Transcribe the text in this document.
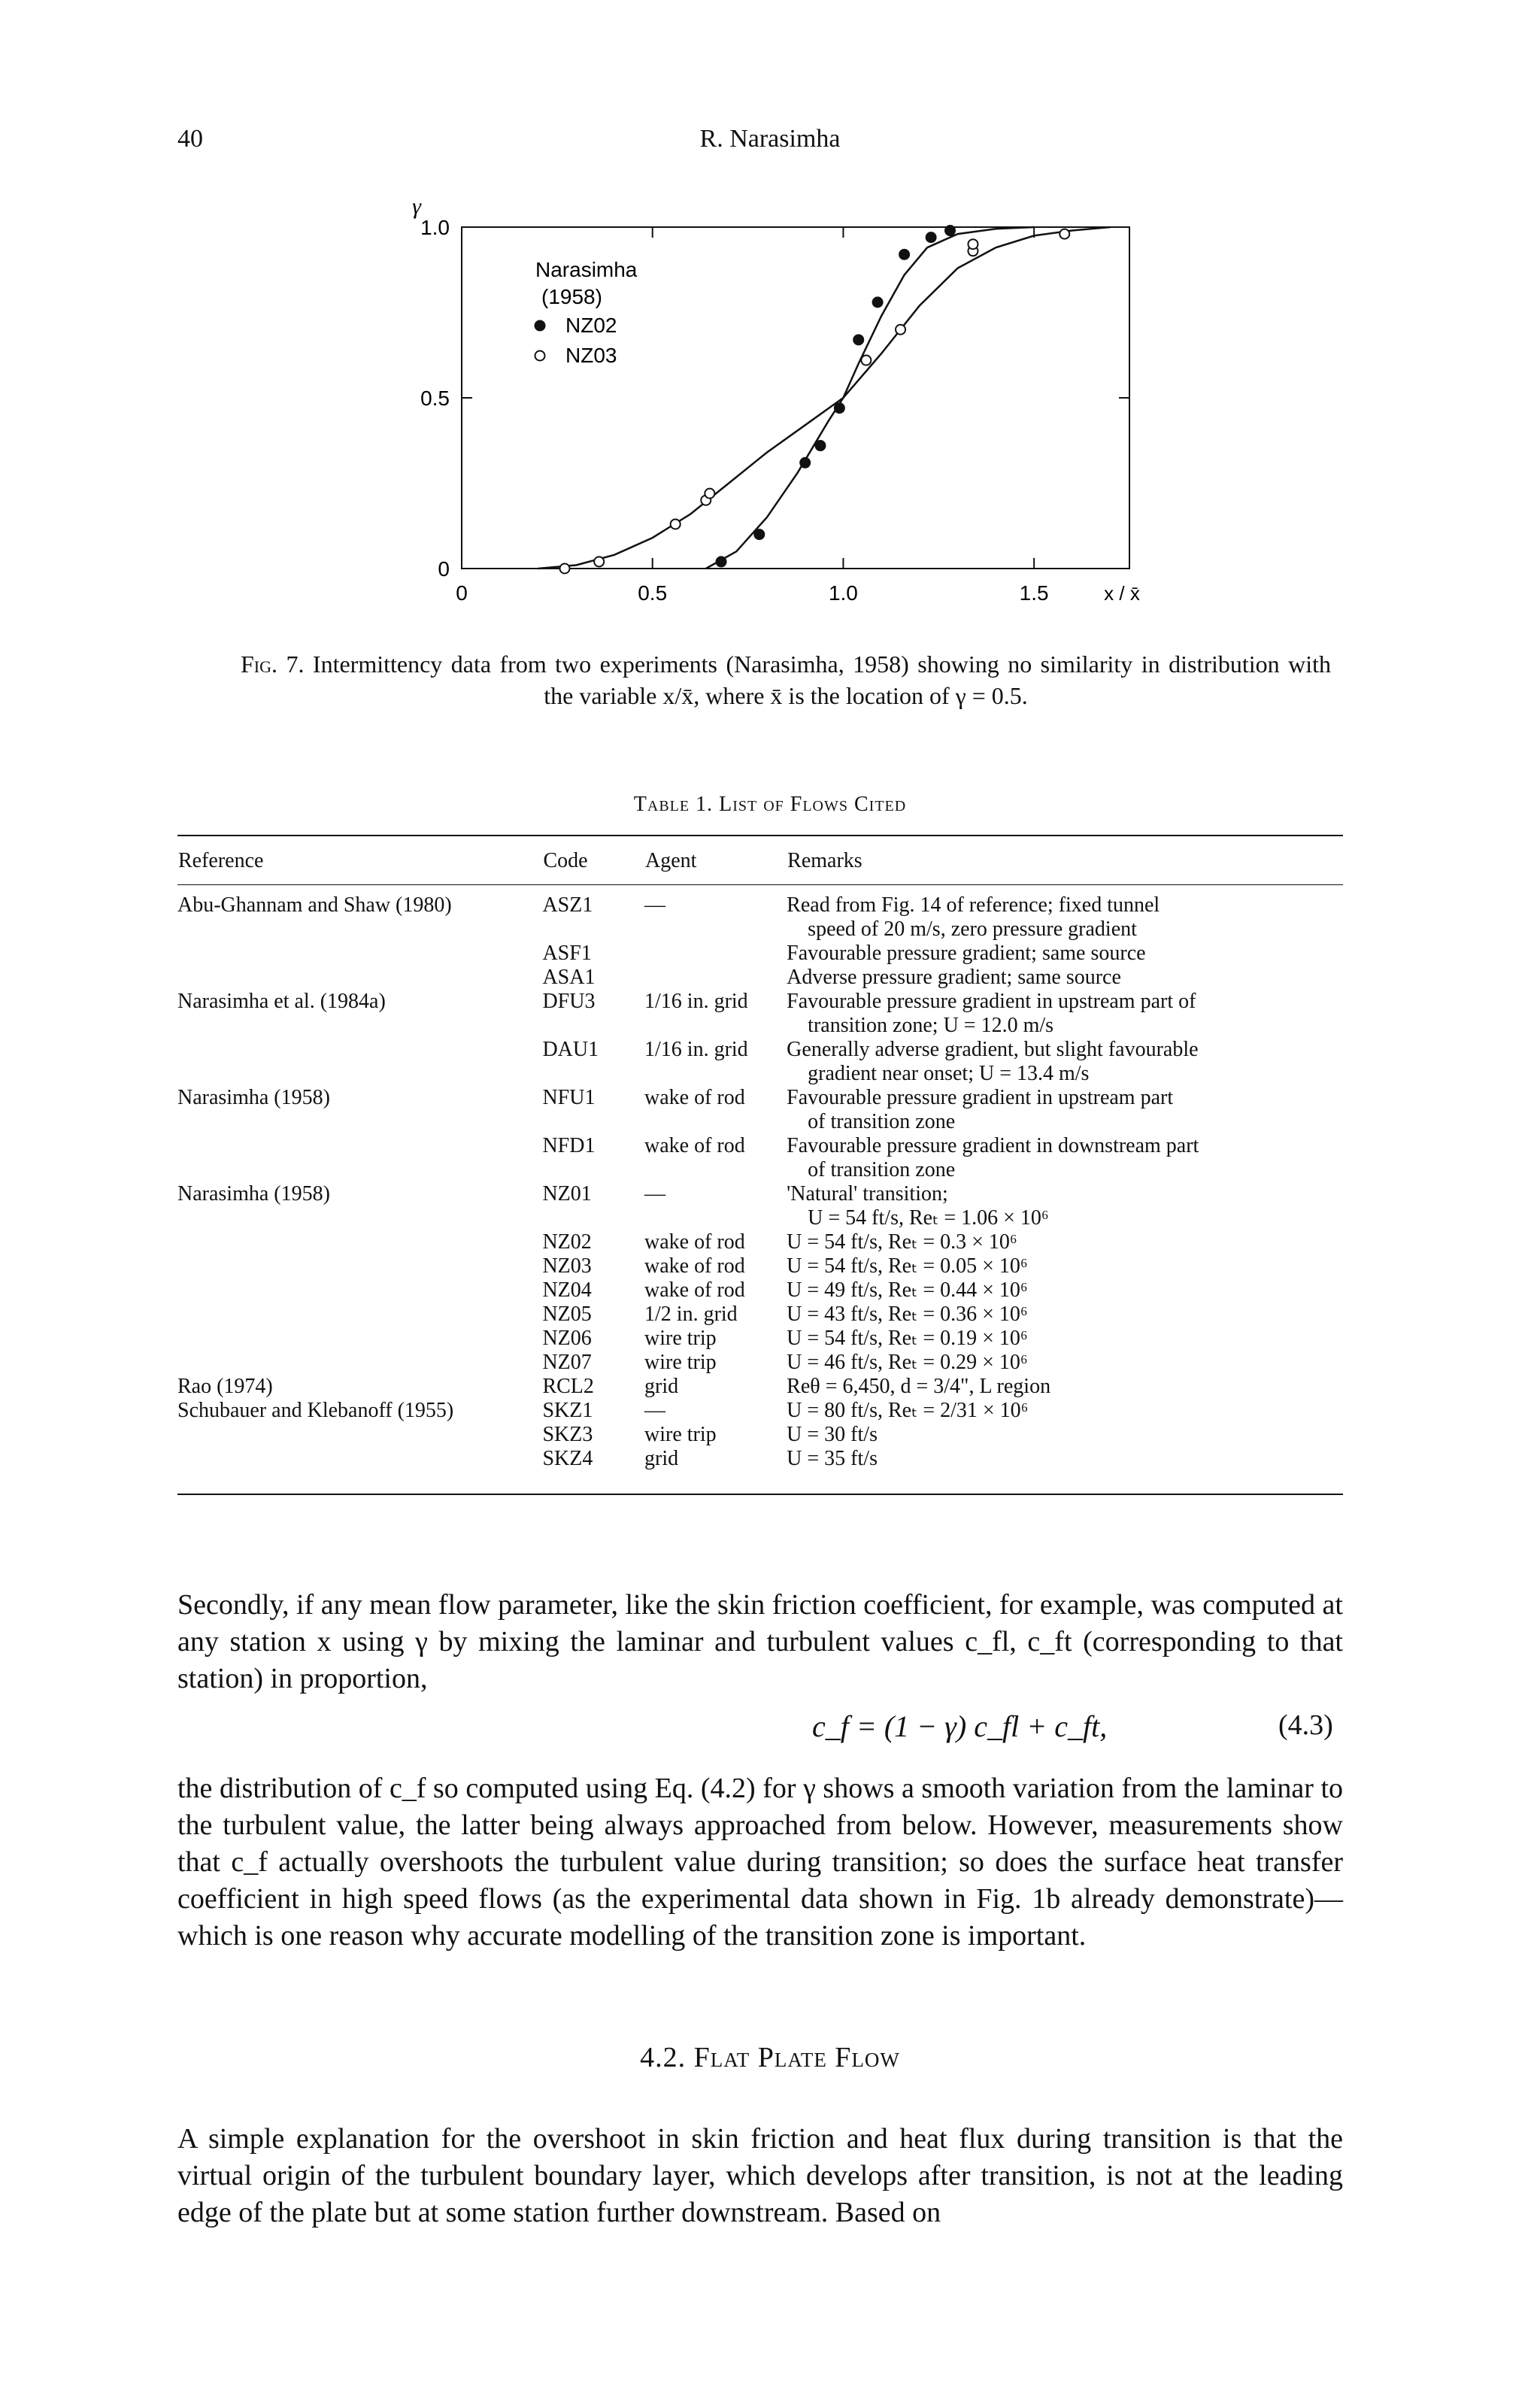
40	R. Narasimha
0	0.5	1.0	1.5
0
0.5
1.0
x / x̄
γ
Narasimha
(1958)
NZ02
NZ03
Fig. 7. Intermittency data from two experiments (Narasimha, 1958) showing no similarity in distribution with
the variable x/x̄, where x̄ is the location of γ = 0.5.
Table 1. List of Flows Cited
Reference	Code	Agent	Remarks

Abu-Ghannam and Shaw (1980)	ASZ1	—	Read from Fig. 14 of reference; fixed tunnel
speed of 20 m/s, zero pressure gradient

	ASF1		Favourable pressure gradient; same source

	ASA1		Adverse pressure gradient; same source

Narasimha et al. (1984a)	DFU3	1/16 in. grid	Favourable pressure gradient in upstream part of
transition zone; U = 12.0 m/s

	DAU1	1/16 in. grid	Generally adverse gradient, but slight favourable
gradient near onset; U = 13.4 m/s

Narasimha (1958)	NFU1	wake of rod	Favourable pressure gradient in upstream part
of transition zone

	NFD1	wake of rod	Favourable pressure gradient in downstream part
of transition zone

Narasimha (1958)	NZ01	—	'Natural' transition;
U = 54 ft/s, Reₜ = 1.06 × 10⁶

	NZ02	wake of rod	U = 54 ft/s, Reₜ = 0.3 × 10⁶

	NZ03	wake of rod	U = 54 ft/s, Reₜ = 0.05 × 10⁶

	NZ04	wake of rod	U = 49 ft/s, Reₜ = 0.44 × 10⁶

	NZ05	1/2 in. grid	U = 43 ft/s, Reₜ = 0.36 × 10⁶

	NZ06	wire trip	U = 54 ft/s, Reₜ = 0.19 × 10⁶

	NZ07	wire trip	U = 46 ft/s, Reₜ = 0.29 × 10⁶

Rao (1974)	RCL2	grid	Reθ = 6,450, d = 3/4", L region

Schubauer and Klebanoff (1955)	SKZ1	—	U = 80 ft/s, Reₜ = 2/31 × 10⁶

	SKZ3	wire trip	U = 30 ft/s

	SKZ4	grid	U = 35 ft/s
Secondly, if any mean flow parameter, like the skin friction coefficient, for example, was computed at any station x using γ by mixing the laminar and turbulent values c_fl, c_ft (corresponding to that station) in proportion,
c_f = (1 − γ) c_fl + c_ft,	(4.3)
the distribution of c_f so computed using Eq. (4.2) for γ shows a smooth variation from the laminar to the turbulent value, the latter being always approached from below. However, measurements show that c_f actually overshoots the turbulent value during transition; so does the surface heat transfer coefficient in high speed flows (as the experimental data shown in Fig. 1b already demonstrate)—which is one reason why accurate modelling of the transition zone is important.
4.2. Flat Plate Flow
A simple explanation for the overshoot in skin friction and heat flux during transition is that the virtual origin of the turbulent boundary layer, which develops after transition, is not at the leading edge of the plate but at some station further downstream. Based on
